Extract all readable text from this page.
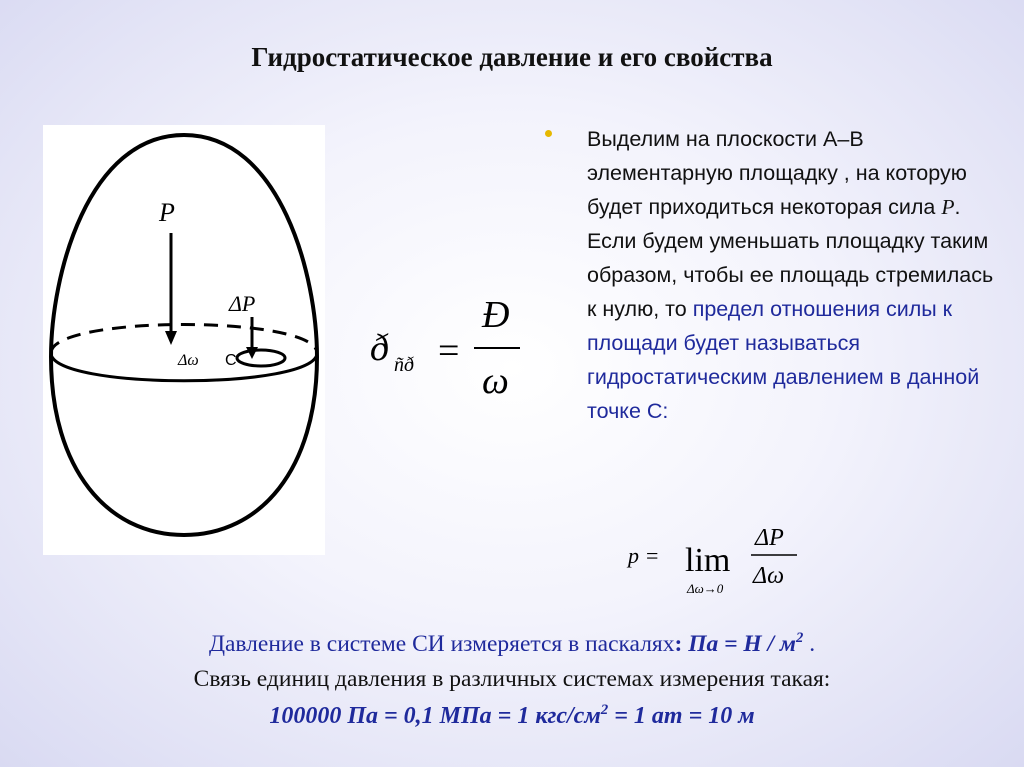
Гидростатическое давление и его свойства
P
ΔP
Δω C	ð ñð =
Ð
ω
Выделим на плоскости А–В элементарную площадку , на которую будет приходиться некоторая сила P. Если будем уменьшать площадку таким образом, чтобы ее площадь стремилась к нулю, то предел отношения силы к площади будет называться гидростатическим давлением в данной точке С:
p = lim
Δω→0
ΔP
Δω
Давление в системе СИ измеряется в паскалях: Па = Н / $м^2$ .
Связь единиц давления в различных системах измерения такая:
100000 Па = 0,1 МПа = 1 кгс/$см^2 = 1$ ат = 10 м
